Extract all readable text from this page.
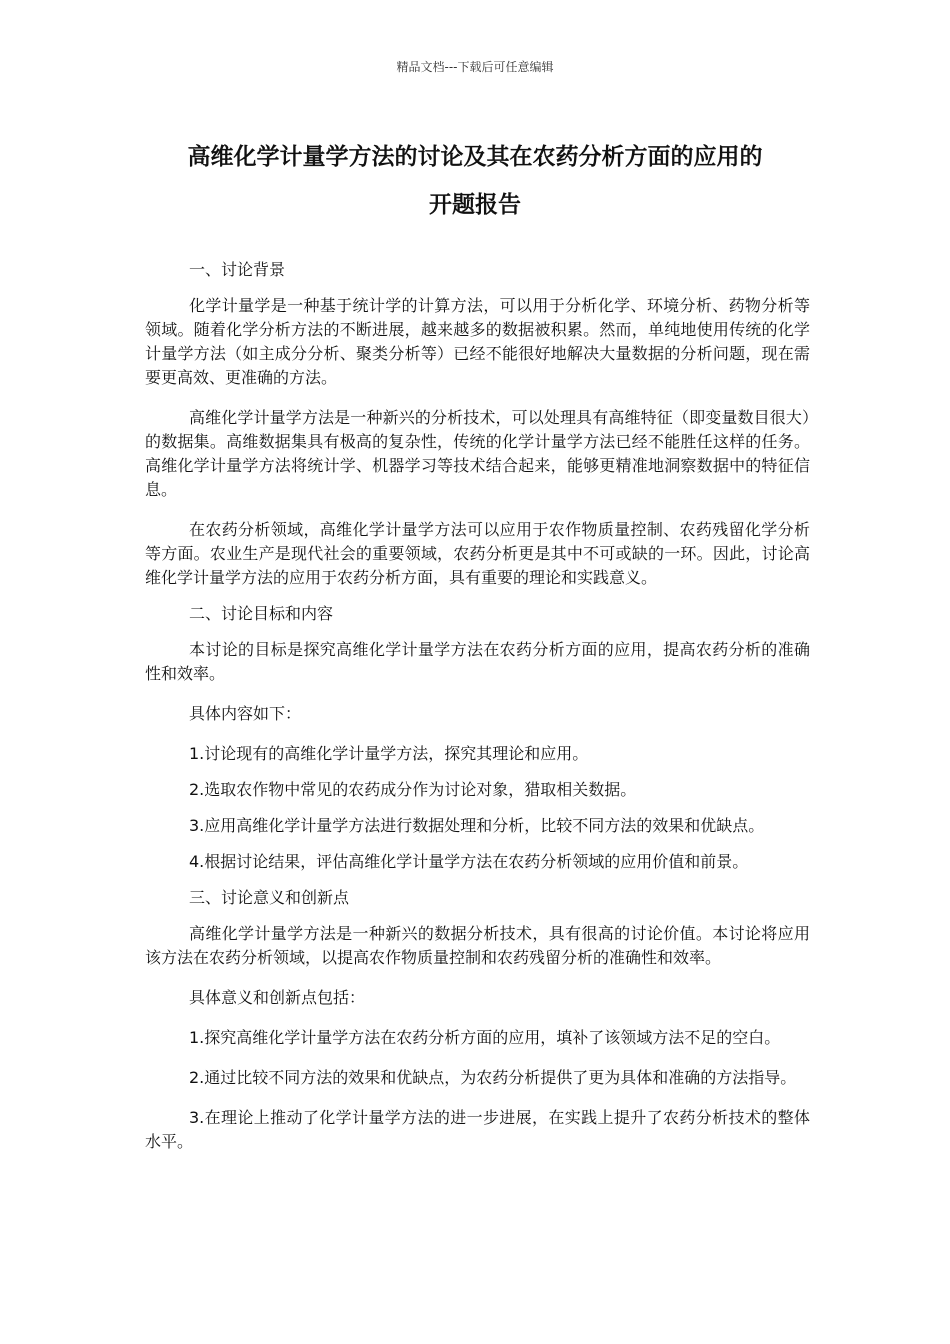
精品文档---下载后可任意编辑
高维化学计量学方法的讨论及其在农药分析方面的应用的
开题报告

一、讨论背景

化学计量学是一种基于统计学的计算方法，可以用于分析化学、环境分析、药物分析等领域。随着化学分析方法的不断进展，越来越多的数据被积累。然而，单纯地使用传统的化学计量学方法（如主成分分析、聚类分析等）已经不能很好地解决大量数据的分析问题，现在需要更高效、更准确的方法。

高维化学计量学方法是一种新兴的分析技术，可以处理具有高维特征（即变量数目很大）的数据集。高维数据集具有极高的复杂性，传统的化学计量学方法已经不能胜任这样的任务。高维化学计量学方法将统计学、机器学习等技术结合起来，能够更精准地洞察数据中的特征信息。

在农药分析领域，高维化学计量学方法可以应用于农作物质量控制、农药残留化学分析等方面。农业生产是现代社会的重要领域，农药分析更是其中不可或缺的一环。因此，讨论高维化学计量学方法的应用于农药分析方面，具有重要的理论和实践意义。

二、讨论目标和内容

本讨论的目标是探究高维化学计量学方法在农药分析方面的应用，提高农药分析的准确性和效率。

具体内容如下：

1.讨论现有的高维化学计量学方法，探究其理论和应用。

2.选取农作物中常见的农药成分作为讨论对象，猎取相关数据。

3.应用高维化学计量学方法进行数据处理和分析，比较不同方法的效果和优缺点。

4.根据讨论结果，评估高维化学计量学方法在农药分析领域的应用价值和前景。

三、讨论意义和创新点

高维化学计量学方法是一种新兴的数据分析技术，具有很高的讨论价值。本讨论将应用该方法在农药分析领域，以提高农作物质量控制和农药残留分析的准确性和效率。

具体意义和创新点包括：

1.探究高维化学计量学方法在农药分析方面的应用，填补了该领域方法不足的空白。

2.通过比较不同方法的效果和优缺点，为农药分析提供了更为具体和准确的方法指导。

3.在理论上推动了化学计量学方法的进一步进展，在实践上提升了农药分析技术的整体水平。
